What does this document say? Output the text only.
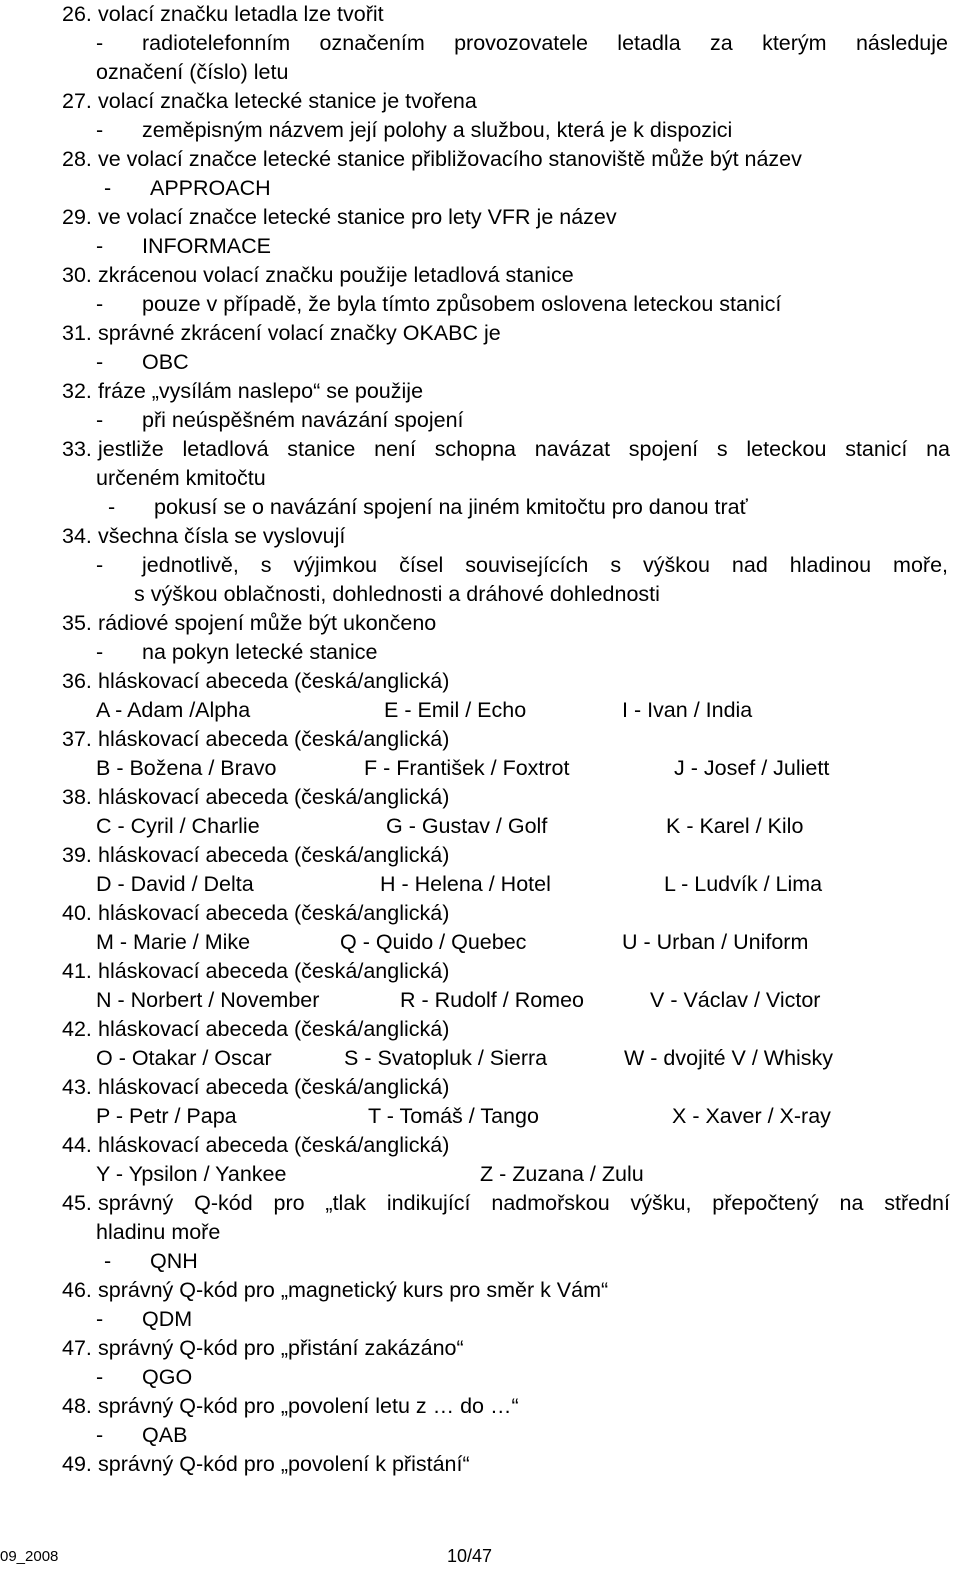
26. volací značku letadla lze tvořit
- radiotelefonním označením provozovatele letadla za kterým následuje
označení (číslo) letu
27. volací značka letecké stanice je tvořena
- zeměpisným názvem její polohy a službou, která je k dispozici
28. ve volací značce letecké stanice přibližovacího stanoviště může být název
- APPROACH
29. ve volací značce letecké stanice pro lety VFR je název
- INFORMACE
30. zkrácenou volací značku použije letadlová stanice
- pouze v případě, že byla tímto způsobem oslovena leteckou stanicí
31. správné zkrácení volací značky OKABC je
- OBC
32. fráze „vysílám naslepo“ se použije
- při neúspěšném navázání spojení
33. jestliže letadlová stanice není schopna navázat spojení s leteckou stanicí na
určeném kmitočtu
- pokusí se o navázání spojení na jiném kmitočtu pro danou trať
34. všechna čísla se vyslovují
- jednotlivě, s výjimkou čísel souvisejících s výškou nad hladinou moře,
s výškou oblačnosti, dohlednosti a dráhové dohlednosti
35. rádiové spojení může být ukončeno
- na pokyn letecké stanice
36. hláskovací abeceda (česká/anglická)
A - Adam /Alpha	E - Emil / Echo	I - Ivan / India
37. hláskovací abeceda (česká/anglická)
B - Božena / Bravo	F - František / Foxtrot	J - Josef / Juliett
38. hláskovací abeceda (česká/anglická)
C - Cyril / Charlie	G - Gustav / Golf	K - Karel / Kilo
39. hláskovací abeceda (česká/anglická)
D - David / Delta	H - Helena / Hotel	L - Ludvík / Lima
40. hláskovací abeceda (česká/anglická)
M - Marie / Mike	Q - Quido / Quebec	U - Urban / Uniform
41. hláskovací abeceda (česká/anglická)
N - Norbert / November	R - Rudolf / Romeo	V - Václav / Victor
42. hláskovací abeceda (česká/anglická)
O - Otakar / Oscar	S - Svatopluk / Sierra	W - dvojité V / Whisky
43. hláskovací abeceda (česká/anglická)
P - Petr / Papa	T - Tomáš / Tango	X - Xaver / X-ray
44. hláskovací abeceda (česká/anglická)
Y - Ypsilon / Yankee	Z - Zuzana / Zulu
45. správný Q-kód pro „tlak indikující nadmořskou výšku, přepočtený na střední
hladinu moře
- QNH
46. správný Q-kód pro „magnetický kurs pro směr k Vám“
- QDM
47. správný Q-kód pro „přistání zakázáno“
- QGO
48. správný Q-kód pro „povolení letu z … do …“
- QAB
49. správný Q-kód pro „povolení k přistání“
09_2008	10/47
